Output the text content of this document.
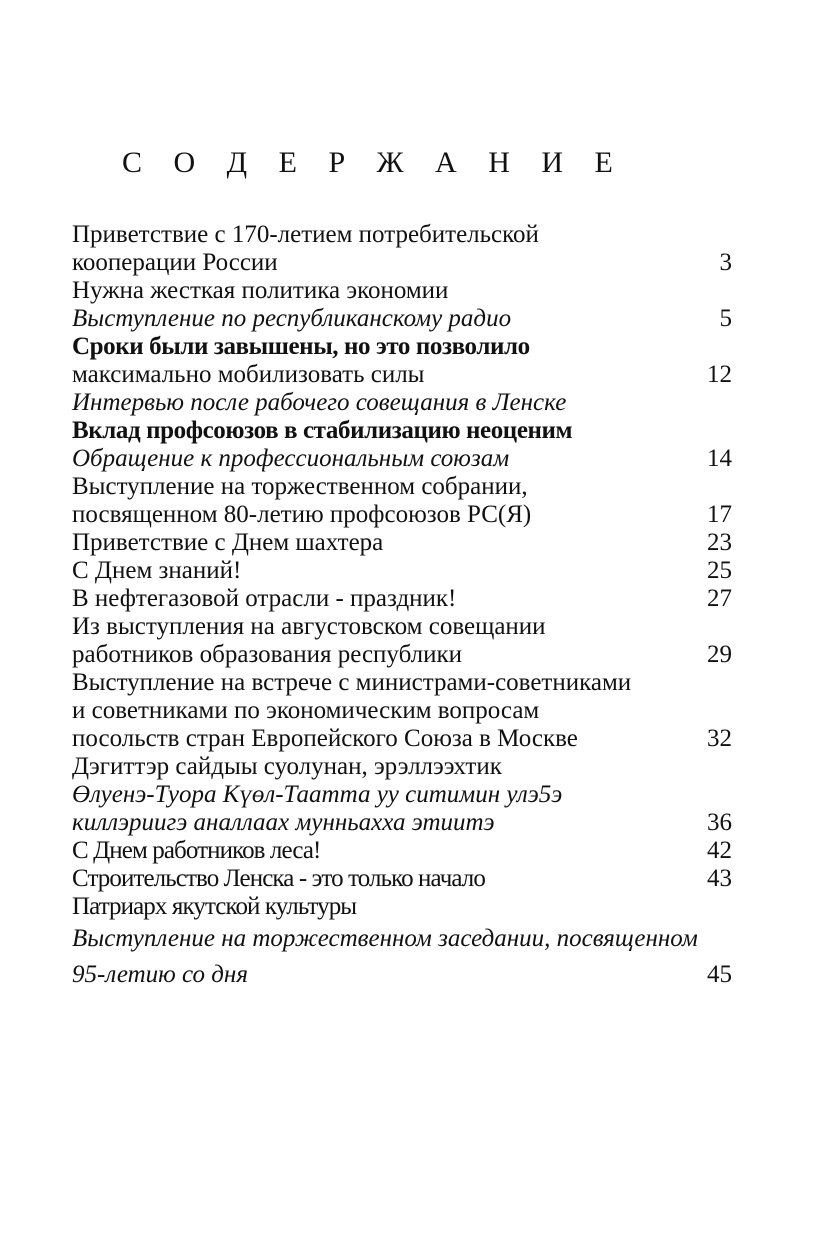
С О Д Е Р Ж А Н И Е
Приветствие с 170-летием потребительской
кооперации России	3
Нужна жесткая политика экономии
Выступление по республиканскому радио	5
Сроки были завышены, но это позволило
максимально мобилизовать силы	12
Интервью после рабочего совещания в Ленске
Вклад профсоюзов в стабилизацию неоценим
Обращение к профессиональным союзам	14
Выступление на торжественном собрании,
посвященном 80-летию профсоюзов РС(Я)	17
Приветствие с Днем шахтера	23
С Днем знаний!	25
В нефтегазовой отрасли - праздник!	27
Из выступления на августовском совещании
работников образования республики	29
Выступление на встрече с министрами-советниками
и советниками по экономическим вопросам
посольств стран Европейского Союза в Москве	32
Дэгиттэр сайдыы суолунан, эрэллээхтик
Өлуенэ-Туора Күөл-Таатта уу ситимин улэ5э
киллэриигэ аналлаах мунньахха этиитэ	36
С Днем работников леса!	42
Строительство Ленска - это только начало	43
Патриарх якутской культуры
Выступление на торжественном заседании, посвященном
95-летию со дня	45
